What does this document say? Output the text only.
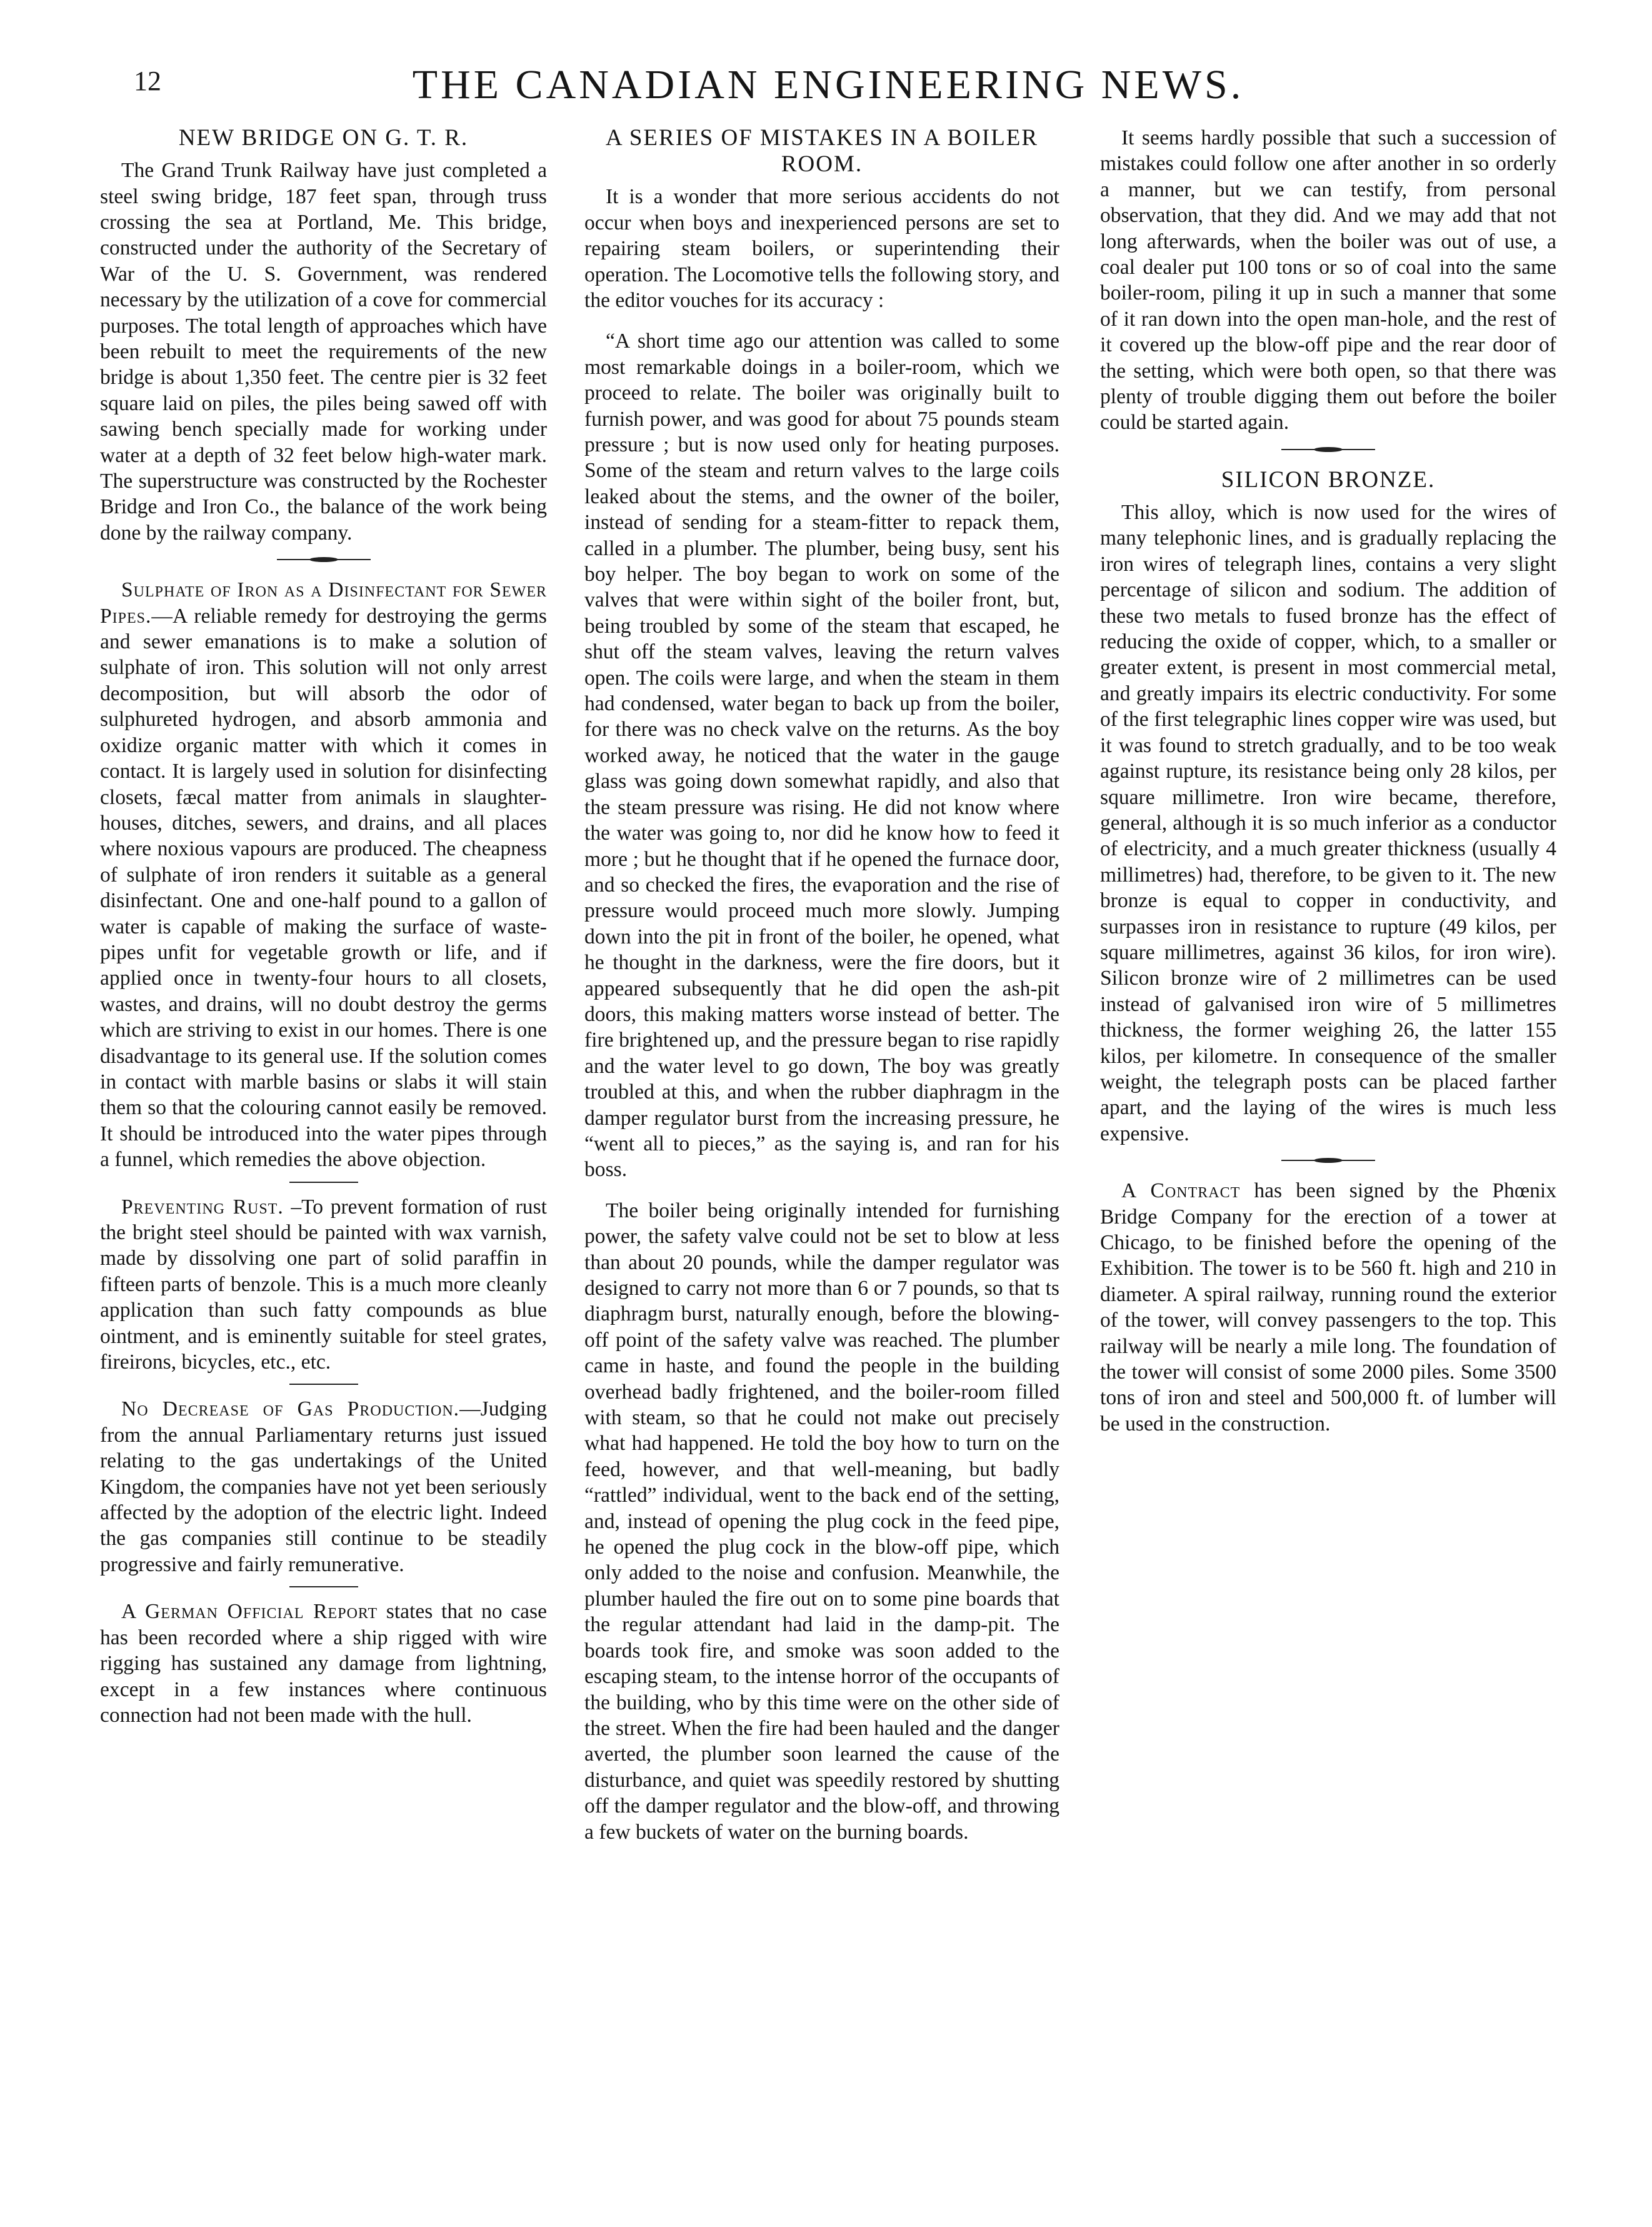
12	THE CANADIAN ENGINEERING NEWS.
NEW BRIDGE ON G. T. R.

The Grand Trunk Railway have just completed a steel swing bridge, 187 feet span, through truss crossing the sea at Portland, Me. This bridge, constructed under the authority of the Secretary of War of the U. S. Government, was rendered necessary by the utilization of a cove for commercial purposes. The total length of approaches which have been rebuilt to meet the requirements of the new bridge is about 1,350 feet. The centre pier is 32 feet square laid on piles, the piles being sawed off with sawing bench specially made for working under water at a depth of 32 feet below high-water mark. The superstructure was constructed by the Rochester Bridge and Iron Co., the balance of the work being done by the railway company.

Sulphate of Iron as a Disinfectant for Sewer Pipes.—A reliable remedy for destroying the germs and sewer emanations is to make a solution of sulphate of iron. This solution will not only arrest decomposition, but will absorb the odor of sulphureted hydrogen, and absorb ammonia and oxidize organic matter with which it comes in contact. It is largely used in solution for disinfecting closets, fæcal matter from animals in slaughter-houses, ditches, sewers, and drains, and all places where noxious vapours are produced. The cheapness of sulphate of iron renders it suitable as a general disinfectant. One and one-half pound to a gallon of water is capable of making the surface of waste-pipes unfit for vegetable growth or life, and if applied once in twenty-four hours to all closets, wastes, and drains, will no doubt destroy the germs which are striving to exist in our homes. There is one disadvantage to its general use. If the solution comes in contact with marble basins or slabs it will stain them so that the colouring cannot easily be removed. It should be introduced into the water pipes through a funnel, which remedies the above objection.

Preventing Rust. –To prevent formation of rust the bright steel should be painted with wax varnish, made by dissolving one part of solid paraffin in fifteen parts of benzole. This is a much more cleanly application than such fatty compounds as blue ointment, and is eminently suitable for steel grates, fireirons, bicycles, etc., etc.

No Decrease of Gas Production.—Judging from the annual Parliamentary returns just issued relating to the gas undertakings of the United Kingdom, the companies have not yet been seriously affected by the adoption of the electric light. Indeed the gas companies still continue to be steadily progressive and fairly remunerative.

A German Official Report states that no case has been recorded where a ship rigged with wire rigging has sustained any damage from lightning, except in a few instances where continuous connection had not been made with the hull.

A SERIES OF MISTAKES IN A BOILER ROOM.

It is a wonder that more serious accidents do not occur when boys and inexperienced persons are set to repairing steam boilers, or superintending their operation. The Locomotive tells the following story, and the editor vouches for its accuracy :

“A short time ago our attention was called to some most remarkable doings in a boiler-room, which we proceed to relate. The boiler was originally built to furnish power, and was good for about 75 pounds steam pressure ; but is now used only for heating purposes. Some of the steam and return valves to the large coils leaked about the stems, and the owner of the boiler, instead of sending for a steam-fitter to repack them, called in a plumber. The plumber, being busy, sent his boy helper. The boy began to work on some of the valves that were within sight of the boiler front, but, being troubled by some of the steam that escaped, he shut off the steam valves, leaving the return valves open. The coils were large, and when the steam in them had condensed, water began to back up from the boiler, for there was no check valve on the returns. As the boy worked away, he noticed that the water in the gauge glass was going down somewhat rapidly, and also that the steam pressure was rising. He did not know where the water was going to, nor did he know how to feed it more ; but he thought that if he opened the furnace door, and so checked the fires, the evaporation and the rise of pressure would proceed much more slowly. Jumping down into the pit in front of the boiler, he opened, what he thought in the darkness, were the fire doors, but it appeared subsequently that he did open the ash-pit doors, this making matters worse instead of better. The fire brightened up, and the pressure began to rise rapidly and the water level to go down, The boy was greatly troubled at this, and when the rubber diaphragm in the damper regulator burst from the increasing pressure, he “went all to pieces,” as the saying is, and ran for his boss.

The boiler being originally intended for furnishing power, the safety valve could not be set to blow at less than about 20 pounds, while the damper regulator was designed to carry not more than 6 or 7 pounds, so that ts diaphragm burst, naturally enough, before the blowing-off point of the safety valve was reached. The plumber came in haste, and found the people in the building overhead badly frightened, and the boiler-room filled with steam, so that he could not make out precisely what had happened. He told the boy how to turn on the feed, however, and that well-meaning, but badly “rattled” individual, went to the back end of the setting, and, instead of opening the plug cock in the feed pipe, he opened the plug cock in the blow-off pipe, which only added to the noise and confusion. Meanwhile, the plumber hauled the fire out on to some pine boards that the regular attendant had laid in the damp-pit. The boards took fire, and smoke was soon added to the escaping steam, to the intense horror of the occupants of the building, who by this time were on the other side of the street. When the fire had been hauled and the danger averted, the plumber soon learned the cause of the disturbance, and quiet was speedily restored by shutting off the damper regulator and the blow-off, and throwing a few buckets of water on the burning boards.

It seems hardly possible that such a succession of mistakes could follow one after another in so orderly a manner, but we can testify, from personal observation, that they did. And we may add that not long afterwards, when the boiler was out of use, a coal dealer put 100 tons or so of coal into the same boiler-room, piling it up in such a manner that some of it ran down into the open man-hole, and the rest of it covered up the blow-off pipe and the rear door of the setting, which were both open, so that there was plenty of trouble digging them out before the boiler could be started again.

SILICON BRONZE.

This alloy, which is now used for the wires of many telephonic lines, and is gradually replacing the iron wires of telegraph lines, contains a very slight percentage of silicon and sodium. The addition of these two metals to fused bronze has the effect of reducing the oxide of copper, which, to a smaller or greater extent, is present in most commercial metal, and greatly impairs its electric conductivity. For some of the first telegraphic lines copper wire was used, but it was found to stretch gradually, and to be too weak against rupture, its resistance being only 28 kilos, per square millimetre. Iron wire became, therefore, general, although it is so much inferior as a conductor of electricity, and a much greater thickness (usually 4 millimetres) had, therefore, to be given to it. The new bronze is equal to copper in conductivity, and surpasses iron in resistance to rupture (49 kilos, per square millimetres, against 36 kilos, for iron wire). Silicon bronze wire of 2 millimetres can be used instead of galvanised iron wire of 5 millimetres thickness, the former weighing 26, the latter 155 kilos, per kilometre. In consequence of the smaller weight, the telegraph posts can be placed farther apart, and the laying of the wires is much less expensive.

A Contract has been signed by the Phœnix Bridge Company for the erection of a tower at Chicago, to be finished before the opening of the Exhibition. The tower is to be 560 ft. high and 210 in diameter. A spiral railway, running round the exterior of the tower, will convey passengers to the top. This railway will be nearly a mile long. The foundation of the tower will consist of some 2000 piles. Some 3500 tons of iron and steel and 500,000 ft. of lumber will be used in the construction.
